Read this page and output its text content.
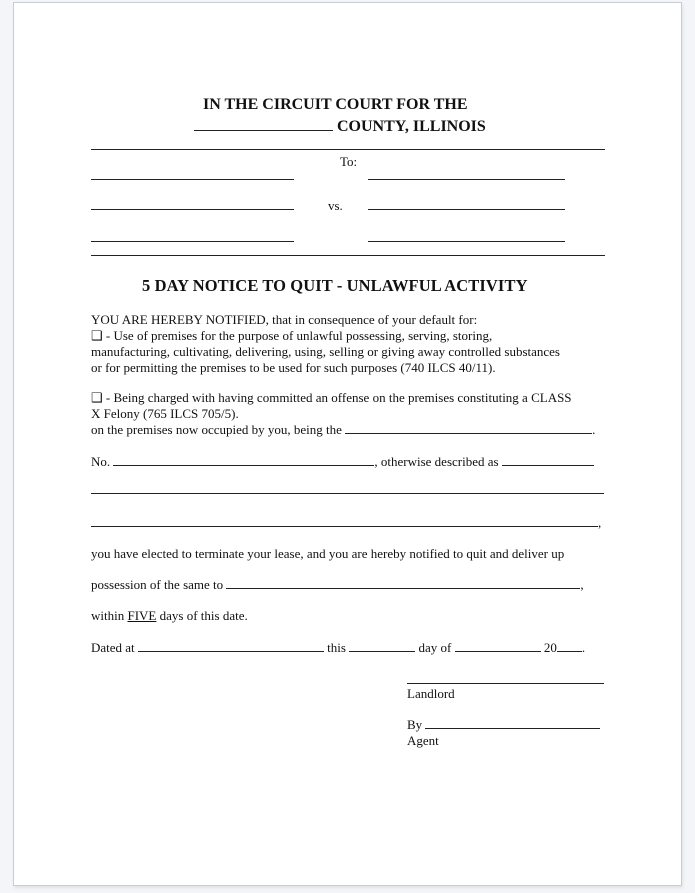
IN THE CIRCUIT COURT FOR THE
COUNTY, ILLINOIS
To:
vs.
5 DAY NOTICE TO QUIT - UNLAWFUL ACTIVITY
YOU ARE HEREBY NOTIFIED, that in consequence of your default for:
❑ - Use of premises for the purpose of unlawful possessing, serving, storing,
manufacturing, cultivating, delivering, using, selling or giving away controlled substances
or for permitting the premises to be used for such purposes (740 ILCS 40/11).
❑ - Being charged with having committed an offense on the premises constituting a CLASS
X Felony (765 ILCS 705/5).
on the premises now occupied by you, being the	.
No.	, otherwise described as
,
you have elected to terminate your lease, and you are hereby notified to quit and deliver up
possession of the same to	,
within FIVE days of this date.
Dated at	this	day of	20 .
Landlord
By
Agent
